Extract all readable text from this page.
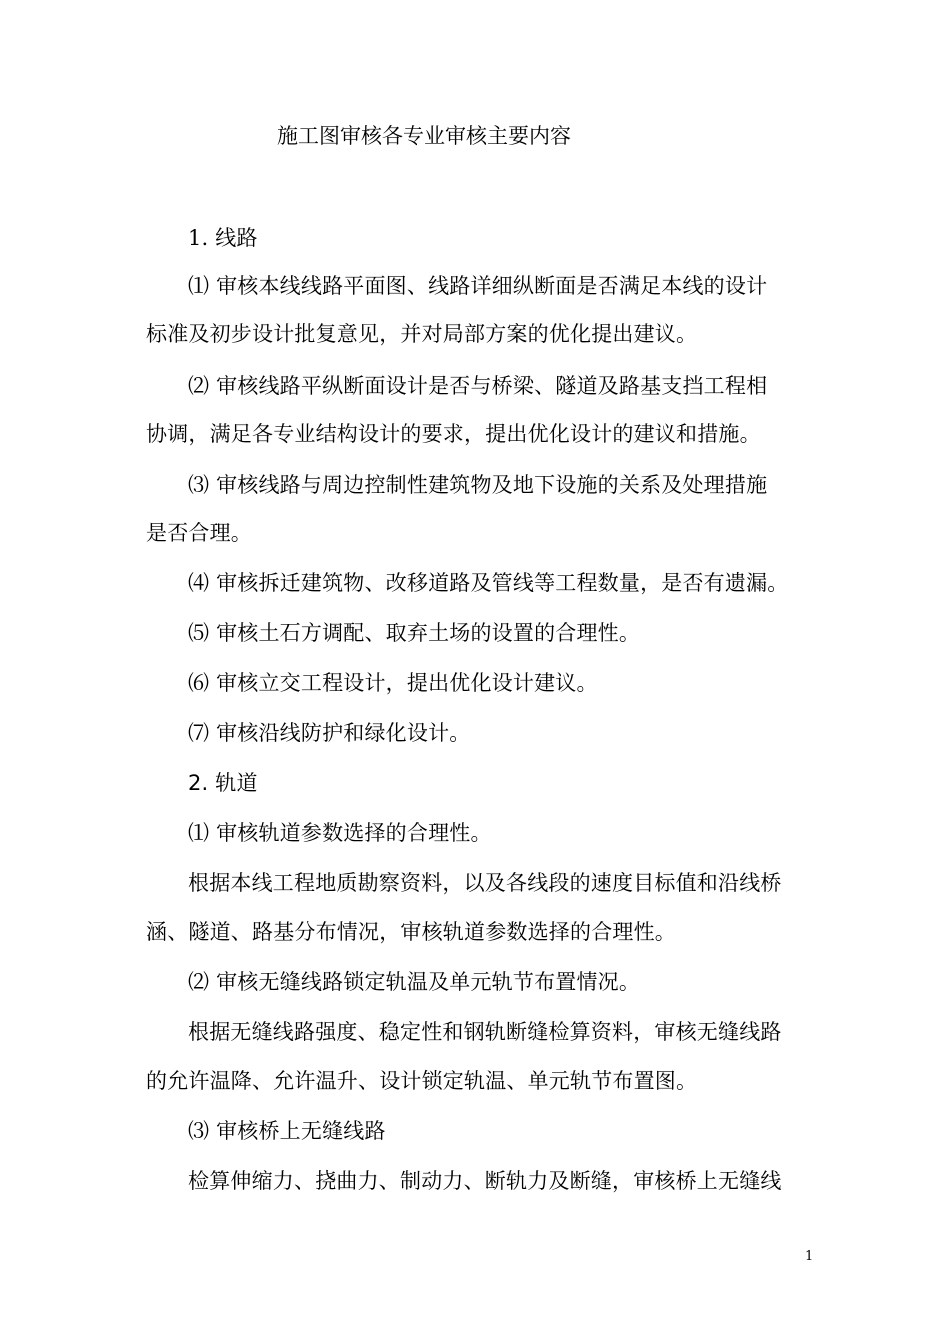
施工图审核各专业审核主要内容
1. 线路
⑴ 审核本线线路平面图、线路详细纵断面是否满足本线的设计
标准及初步设计批复意见，并对局部方案的优化提出建议。
⑵ 审核线路平纵断面设计是否与桥梁、隧道及路基支挡工程相
协调，满足各专业结构设计的要求，提出优化设计的建议和措施。
⑶ 审核线路与周边控制性建筑物及地下设施的关系及处理措施
是否合理。
⑷ 审核拆迁建筑物、改移道路及管线等工程数量，是否有遗漏。
⑸ 审核土石方调配、取弃土场的设置的合理性。
⑹ 审核立交工程设计，提出优化设计建议。
⑺ 审核沿线防护和绿化设计。
2. 轨道
⑴ 审核轨道参数选择的合理性。
根据本线工程地质勘察资料，以及各线段的速度目标值和沿线桥
涵、隧道、路基分布情况，审核轨道参数选择的合理性。
⑵ 审核无缝线路锁定轨温及单元轨节布置情况。
根据无缝线路强度、稳定性和钢轨断缝检算资料，审核无缝线路
的允许温降、允许温升、设计锁定轨温、单元轨节布置图。
⑶ 审核桥上无缝线路
检算伸缩力、挠曲力、制动力、断轨力及断缝，审核桥上无缝线
1
